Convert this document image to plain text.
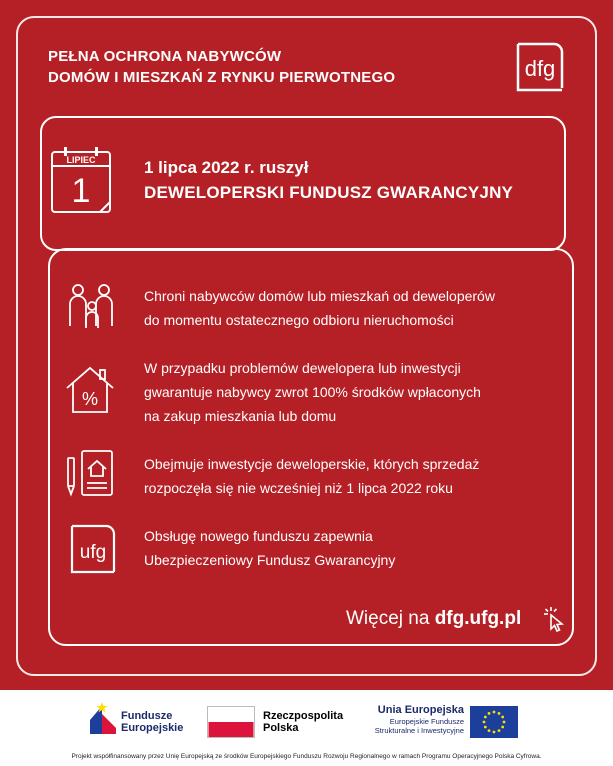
PEŁNA OCHRONA NABYWCÓW
DOMÓW I MIESZKAŃ Z RYNKU PIERWOTNEGO	dfg
LIPIEC
1
1 lipca 2022 r. ruszył
DEWELOPERSKI FUNDUSZ GWARANCYJNY
Chroni nabywców domów lub mieszkań od deweloperów
do momentu ostatecznego odbioru nieruchomości
%
W przypadku problemów dewelopera lub inwestycji
gwarantuje nabywcy zwrot 100% środków wpłaconych
na zakup mieszkania lub domu
Obejmuje inwestycje deweloperskie, których sprzedaż
rozpoczęła się nie wcześniej niż 1 lipca 2022 roku
ufg
Obsługę nowego funduszu zapewnia
Ubezpieczeniowy Fundusz Gwarancyjny
Więcej na dfg.ufg.pl
Fundusze
Europejskie
Rzeczpospolita
Polska
Unia Europejska
Europejskie Fundusze
Strukturalne i Inwestycyjne
Projekt współfinansowany przez Unię Europejską ze środków Europejskiego Funduszu Rozwoju Regionalnego w ramach Programu Operacyjnego Polska Cyfrowa.
